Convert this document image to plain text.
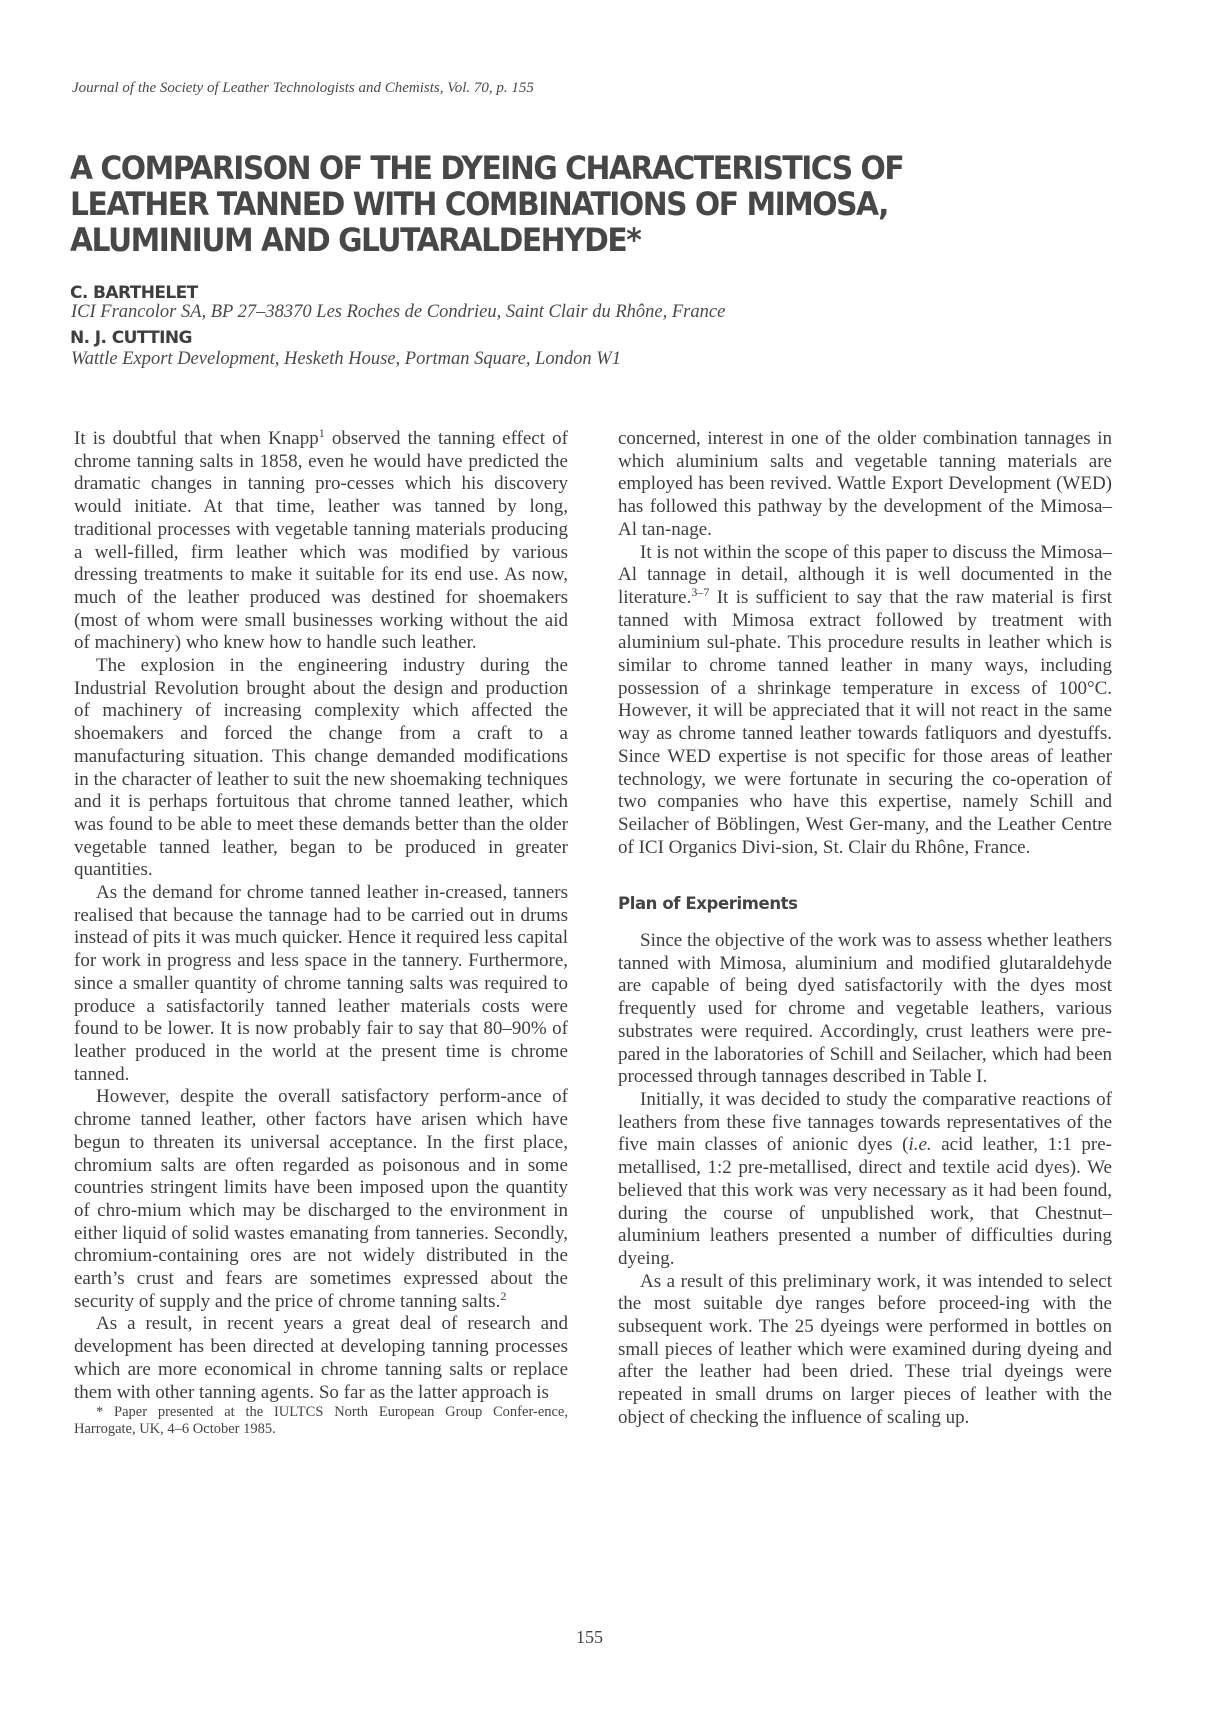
Journal of the Society of Leather Technologists and Chemists, Vol. 70, p. 155
A COMPARISON OF THE DYEING CHARACTERISTICS OF LEATHER TANNED WITH COMBINATIONS OF MIMOSA, ALUMINIUM AND GLUTARALDEHYDE*
C. BARTHELET
ICI Francolor SA, BP 27–38370 Les Roches de Condrieu, Saint Clair du Rhône, France
N. J. CUTTING
Wattle Export Development, Hesketh House, Portman Square, London W1

It is doubtful that when Knapp$^1$ observed the tanning effect of chrome tanning salts in 1858, even he would have predicted the dramatic changes in tanning pro-cesses which his discovery would initiate. At that time, leather was tanned by long, traditional processes with vegetable tanning materials producing a well-filled, firm leather which was modified by various dressing treatments to make it suitable for its end use. As now, much of the leather produced was destined for shoemakers (most of whom were small businesses working without the aid of machinery) who knew how to handle such leather.

The explosion in the engineering industry during the Industrial Revolution brought about the design and production of machinery of increasing complexity which affected the shoemakers and forced the change from a craft to a manufacturing situation. This change demanded modifications in the character of leather to suit the new shoemaking techniques and it is perhaps fortuitous that chrome tanned leather, which was found to be able to meet these demands better than the older vegetable tanned leather, began to be produced in greater quantities.

As the demand for chrome tanned leather in-creased, tanners realised that because the tannage had to be carried out in drums instead of pits it was much quicker. Hence it required less capital for work in progress and less space in the tannery. Furthermore, since a smaller quantity of chrome tanning salts was required to produce a satisfactorily tanned leather materials costs were found to be lower. It is now probably fair to say that 80–90% of leather produced in the world at the present time is chrome tanned.

However, despite the overall satisfactory perform-ance of chrome tanned leather, other factors have arisen which have begun to threaten its universal acceptance. In the first place, chromium salts are often regarded as poisonous and in some countries stringent limits have been imposed upon the quantity of chro-mium which may be discharged to the environment in either liquid of solid wastes emanating from tanneries. Secondly, chromium-containing ores are not widely distributed in the earth’s crust and fears are sometimes expressed about the security of supply and the price of chrome tanning salts.$^2$

As a result, in recent years a great deal of research and development has been directed at developing tanning processes which are more economical in chrome tanning salts or replace them with other tanning agents. So far as the latter approach is

* Paper presented at the IULTCS North European Group Confer-ence, Harrogate, UK, 4–6 October 1985.

concerned, interest in one of the older combination tannages in which aluminium salts and vegetable tanning materials are employed has been revived. Wattle Export Development (WED) has followed this pathway by the development of the Mimosa–Al tan-nage.

It is not within the scope of this paper to discuss the Mimosa–Al tannage in detail, although it is well documented in the literature.$^{3-7}$ It is sufficient to say that the raw material is first tanned with Mimosa extract followed by treatment with aluminium sul-phate. This procedure results in leather which is similar to chrome tanned leather in many ways, including possession of a shrinkage temperature in excess of 100°C. However, it will be appreciated that it will not react in the same way as chrome tanned leather towards fatliquors and dyestuffs. Since WED expertise is not specific for those areas of leather technology, we were fortunate in securing the co-operation of two companies who have this expertise, namely Schill and Seilacher of Böblingen, West Ger-many, and the Leather Centre of ICI Organics Divi-sion, St. Clair du Rhône, France.

Plan of Experiments

Since the objective of the work was to assess whether leathers tanned with Mimosa, aluminium and modified glutaraldehyde are capable of being dyed satisfactorily with the dyes most frequently used for chrome and vegetable leathers, various substrates were required. Accordingly, crust leathers were pre-pared in the laboratories of Schill and Seilacher, which had been processed through tannages described in Table I.

Initially, it was decided to study the comparative reactions of leathers from these five tannages towards representatives of the five main classes of anionic dyes (i.e. acid leather, 1:1 pre-metallised, 1:2 pre-metallised, direct and textile acid dyes). We believed that this work was very necessary as it had been found, during the course of unpublished work, that Chestnut–aluminium leathers presented a number of difficulties during dyeing.

As a result of this preliminary work, it was intended to select the most suitable dye ranges before proceed-ing with the subsequent work. The 25 dyeings were performed in bottles on small pieces of leather which were examined during dyeing and after the leather had been dried. These trial dyeings were repeated in small drums on larger pieces of leather with the object of checking the influence of scaling up.

155
